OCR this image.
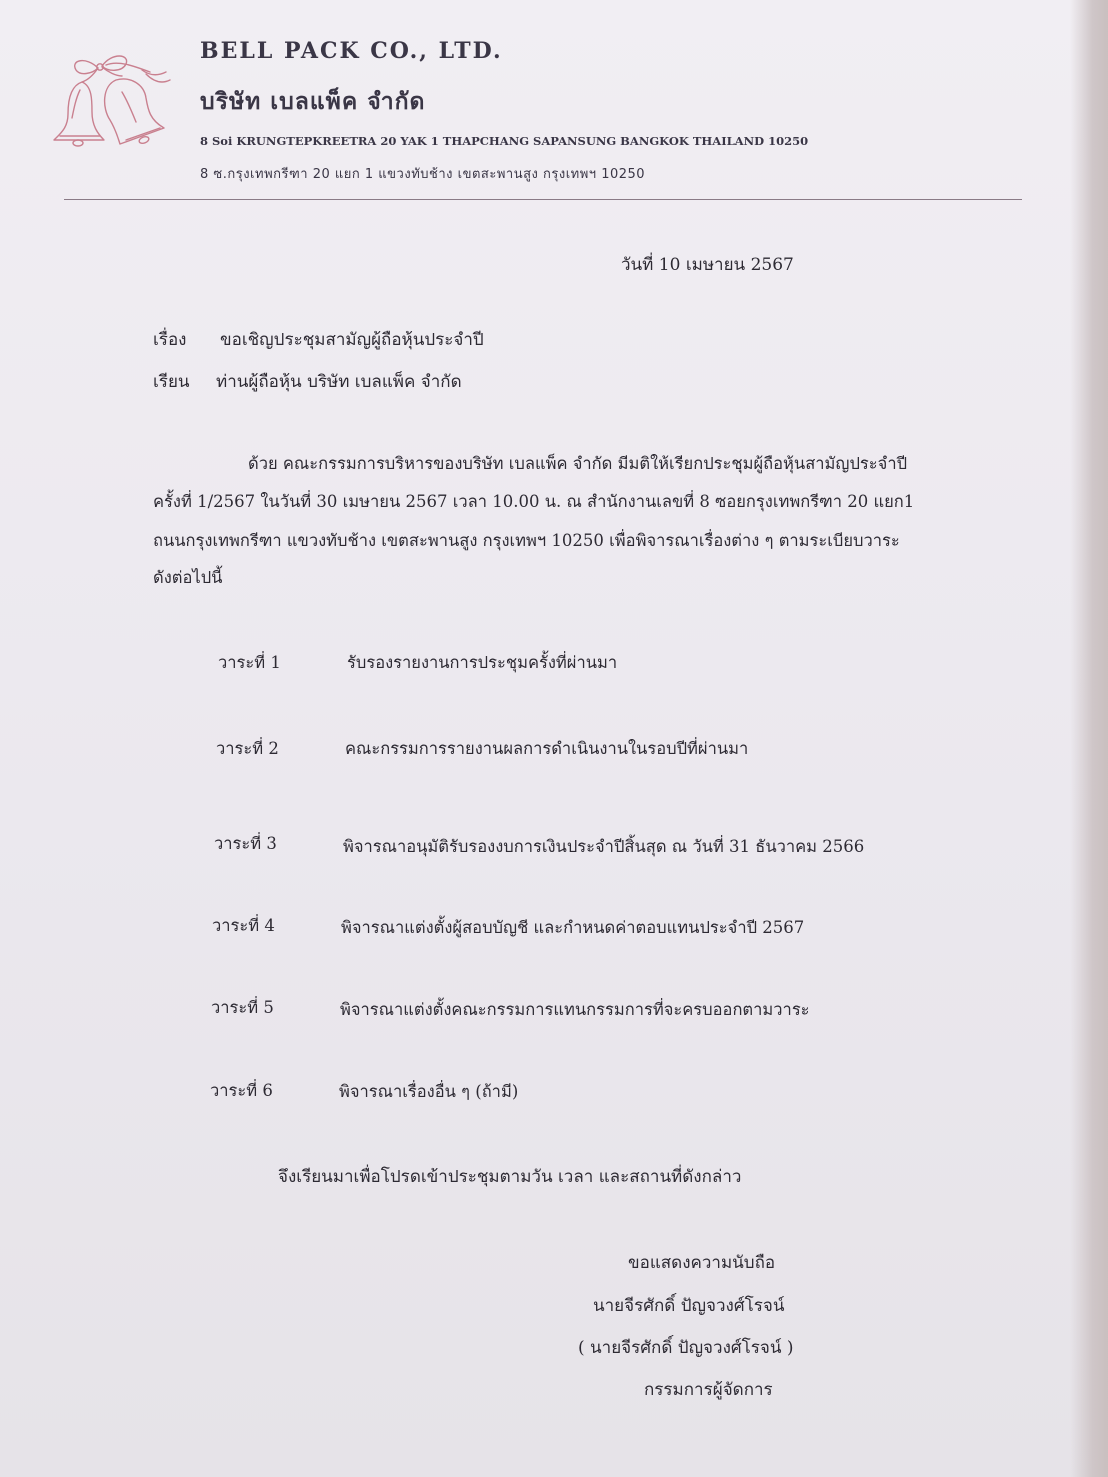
BELL PACK CO., LTD.
บริษัท เบลแพ็ค จำกัด
8 Soi KRUNGTEPKREETRA 20 YAK 1 THAPCHANG SAPANSUNG BANGKOK THAILAND 10250
8 ซ.กรุงเทพกรีฑา 20 แยก 1 แขวงทับช้าง เขตสะพานสูง กรุงเทพฯ 10250
วันที่ 10 เมษายน 2567
เรื่อง ขอเชิญประชุมสามัญผู้ถือหุ้นประจำปี
เรียน ท่านผู้ถือหุ้น บริษัท เบลแพ็ค จำกัด
ด้วย คณะกรรมการบริหารของบริษัท เบลแพ็ค จำกัด มีมติให้เรียกประชุมผู้ถือหุ้นสามัญประจำปี
ครั้งที่ 1/2567 ในวันที่ 30 เมษายน 2567 เวลา 10.00 น. ณ สำนักงานเลขที่ 8 ซอยกรุงเทพกรีฑา 20 แยก1
ถนนกรุงเทพกรีฑา แขวงทับช้าง เขตสะพานสูง กรุงเทพฯ 10250 เพื่อพิจารณาเรื่องต่าง ๆ ตามระเบียบวาระ
ดังต่อไปนี้
วาระที่ 1	รับรองรายงานการประชุมครั้งที่ผ่านมา
วาระที่ 2	คณะกรรมการรายงานผลการดำเนินงานในรอบปีที่ผ่านมา
วาระที่ 3	พิจารณาอนุมัติรับรองงบการเงินประจำปีสิ้นสุด ณ วันที่ 31 ธันวาคม 2566
วาระที่ 4	พิจารณาแต่งตั้งผู้สอบบัญชี และกำหนดค่าตอบแทนประจำปี 2567
วาระที่ 5	พิจารณาแต่งตั้งคณะกรรมการแทนกรรมการที่จะครบออกตามวาระ
วาระที่ 6	พิจารณาเรื่องอื่น ๆ (ถ้ามี)
จึงเรียนมาเพื่อโปรดเข้าประชุมตามวัน เวลา และสถานที่ดังกล่าว
ขอแสดงความนับถือ
นายจีรศักดิ์ ปัญจวงศ์โรจน์
( นายจีรศักดิ์ ปัญจวงศ์โรจน์ )
กรรมการผู้จัดการ
